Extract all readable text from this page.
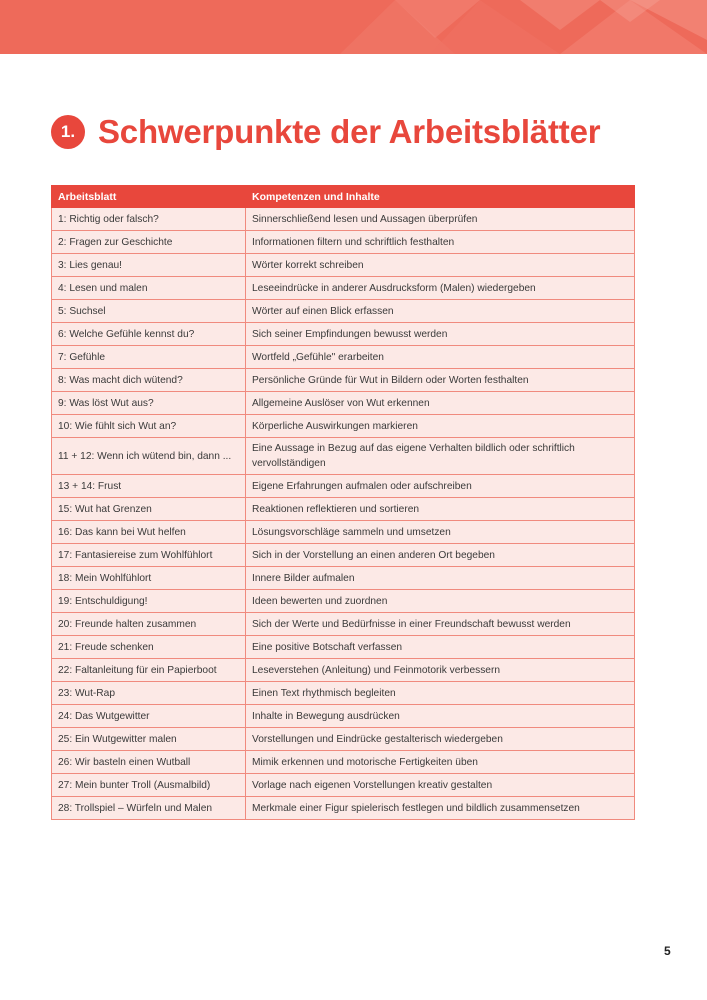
1. Schwerpunkte der Arbeitsblätter
Arbeitsblatt	Kompetenzen und Inhalte
1: Richtig oder falsch?	Sinnerschließend lesen und Aussagen überprüfen
2: Fragen zur Geschichte	Informationen filtern und schriftlich festhalten
3: Lies genau!	Wörter korrekt schreiben
4: Lesen und malen	Leseeindrücke in anderer Ausdrucksform (Malen) wiedergeben
5: Suchsel	Wörter auf einen Blick erfassen
6: Welche Gefühle kennst du?	Sich seiner Empfindungen bewusst werden
7: Gefühle	Wortfeld „Gefühle" erarbeiten
8: Was macht dich wütend?	Persönliche Gründe für Wut in Bildern oder Worten festhalten
9: Was löst Wut aus?	Allgemeine Auslöser von Wut erkennen
10: Wie fühlt sich Wut an?	Körperliche Auswirkungen markieren
11 + 12: Wenn ich wütend bin, dann ...	Eine Aussage in Bezug auf das eigene Verhalten bildlich oder schriftlich vervollständigen
13 + 14: Frust	Eigene Erfahrungen aufmalen oder aufschreiben
15: Wut hat Grenzen	Reaktionen reflektieren und sortieren
16: Das kann bei Wut helfen	Lösungsvorschläge sammeln und umsetzen
17: Fantasiereise zum Wohlfühlort	Sich in der Vorstellung an einen anderen Ort begeben
18: Mein Wohlfühlort	Innere Bilder aufmalen
19: Entschuldigung!	Ideen bewerten und zuordnen
20: Freunde halten zusammen	Sich der Werte und Bedürfnisse in einer Freundschaft bewusst werden
21: Freude schenken	Eine positive Botschaft verfassen
22: Faltanleitung für ein Papierboot	Leseverstehen (Anleitung) und Feinmotorik verbessern
23: Wut-Rap	Einen Text rhythmisch begleiten
24: Das Wutgewitter	Inhalte in Bewegung ausdrücken
25: Ein Wutgewitter malen	Vorstellungen und Eindrücke gestalterisch wiedergeben
26: Wir basteln einen Wutball	Mimik erkennen und motorische Fertigkeiten üben
27: Mein bunter Troll (Ausmalbild)	Vorlage nach eigenen Vorstellungen kreativ gestalten
28: Trollspiel – Würfeln und Malen	Merkmale einer Figur spielerisch festlegen und bildlich zusammensetzen
5
